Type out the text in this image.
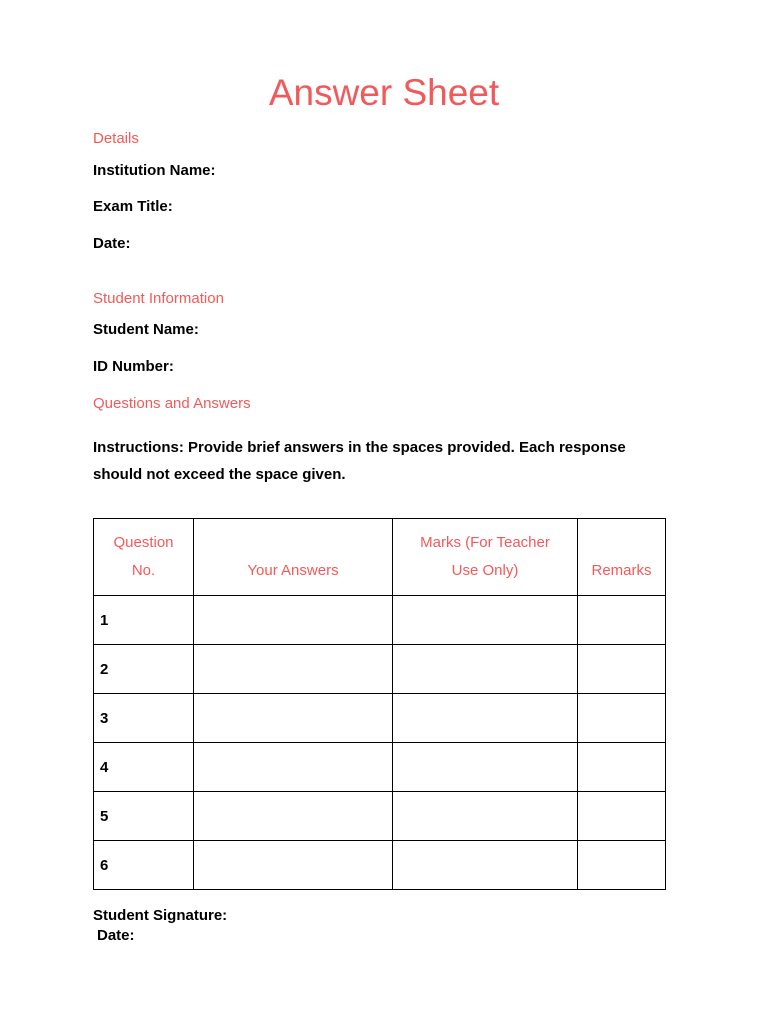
Answer Sheet

Details

Institution Name:

Exam Title:

Date:

Student Information

Student Name:

ID Number:

Questions and Answers

Instructions: Provide brief answers in the spaces provided. Each response should not exceed the space given.

Question No.	Your Answers	Marks (For Teacher Use Only)	Remarks
1			
2			
3			
4			
5			
6			

Student Signature:

Date:
